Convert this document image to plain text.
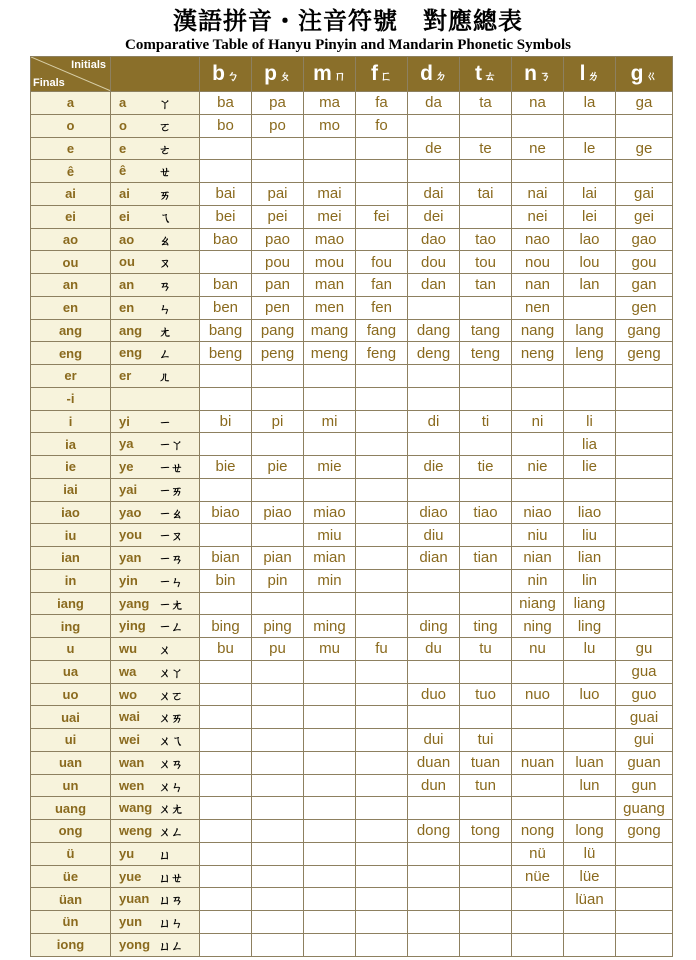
漢語拼音・注音符號　對應總表
Comparative Table of Hanyu Pinyin and Mandarin Phonetic Symbols
Initials
Finals		b ㄅ	p ㄆ	m ㄇ	f ㄈ	d ㄉ	t ㄊ	n ㄋ	l ㄌ	g ㄍ
a	a ㄚ	ba	pa	ma	fa	da	ta	na	la	ga
o	o ㄛ	bo	po	mo	fo					
e	e ㄜ					de	te	ne	le	ge
ê	ê ㄝ									

ai	ai ㄞ	bai	pai	mai		dai	tai	nai	lai	gai
ei	ei ㄟ	bei	pei	mei	fei	dei		nei	lei	gei
ao	ao ㄠ	bao	pao	mao		dao	tao	nao	lao	gao
ou	ou ㄡ		pou	mou	fou	dou	tou	nou	lou	gou
an	an ㄢ	ban	pan	man	fan	dan	tan	nan	lan	gan
en	en ㄣ	ben	pen	men	fen			nen		gen
ang	ang ㄤ	bang	pang	mang	fang	dang	tang	nang	lang	gang
eng	eng ㄥ	beng	peng	meng	feng	deng	teng	neng	leng	geng
er	er ㄦ									

-i	

i	yi ㄧ	bi	pi	mi		di	ti	ni	li	
ia	ya ㄧㄚ								lia	
ie	ye ㄧㄝ	bie	pie	mie		die	tie	nie	lie	
iai	yai ㄧㄞ									

iao	yao ㄧㄠ	biao	piao	miao		diao	tiao	niao	liao	
iu	you ㄧㄡ			miu		diu		niu	liu	
ian	yan ㄧㄢ	bian	pian	mian		dian	tian	nian	lian	
in	yin ㄧㄣ	bin	pin	min				nin	lin	
iang	yang ㄧㄤ							niang	liang	
ing	ying ㄧㄥ	bing	ping	ming		ding	ting	ning	ling	
u	wu ㄨ	bu	pu	mu	fu	du	tu	nu	lu	gu
ua	wa ㄨㄚ									gua
uo	wo ㄨㄛ					duo	tuo	nuo	luo	guo
uai	wai ㄨㄞ									guai
ui	wei ㄨㄟ					dui	tui			gui
uan	wan ㄨㄢ					duan	tuan	nuan	luan	guan
un	wen ㄨㄣ					dun	tun		lun	gun
uang	wang ㄨㄤ									guang
ong	weng ㄨㄥ					dong	tong	nong	long	gong
ü	yu ㄩ							nü	lü	
üe	yue ㄩㄝ							nüe	lüe	
üan	yuan ㄩㄢ								lüan	
ün	yun ㄩㄣ									

iong	yong ㄩㄥ									
